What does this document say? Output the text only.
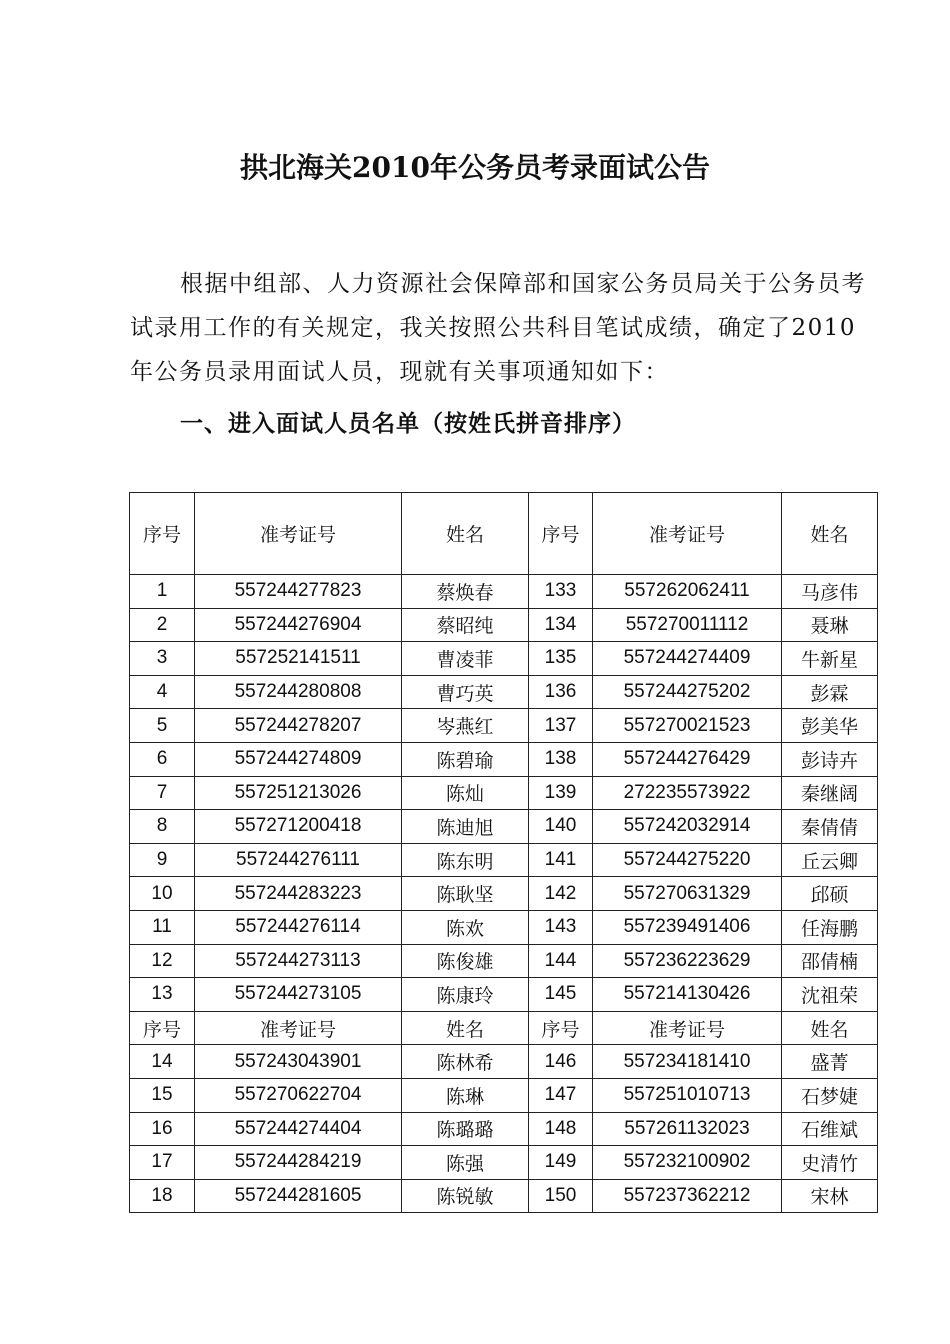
拱北海关2010年公务员考录面试公告
根据中组部、人力资源社会保障部和国家公务员局关于公务员考试录用工作的有关规定，我关按照公共科目笔试成绩，确定了2010年公务员录用面试人员，现就有关事项通知如下：
一、进入面试人员名单（按姓氏拼音排序）
序号	准考证号	姓名	序号	准考证号	姓名
1	557244277823	蔡焕春	133	557262062411	马彦伟
2	557244276904	蔡昭纯	134	557270011112	聂琳
3	557252141511	曹凌菲	135	557244274409	牛新星
4	557244280808	曹巧英	136	557244275202	彭霖
5	557244278207	岑燕红	137	557270021523	彭美华
6	557244274809	陈碧瑜	138	557244276429	彭诗卉
7	557251213026	陈灿	139	272235573922	秦继阔
8	557271200418	陈迪旭	140	557242032914	秦倩倩
9	557244276111	陈东明	141	557244275220	丘云卿
10	557244283223	陈耿坚	142	557270631329	邱硕
11	557244276114	陈欢	143	557239491406	任海鹏
12	557244273113	陈俊雄	144	557236223629	邵倩楠
13	557244273105	陈康玲	145	557214130426	沈祖荣
序号	准考证号	姓名	序号	准考证号	姓名
14	557243043901	陈林希	146	557234181410	盛菁
15	557270622704	陈琳	147	557251010713	石梦婕
16	557244274404	陈璐璐	148	557261132023	石维斌
17	557244284219	陈强	149	557232100902	史清竹
18	557244281605	陈锐敏	150	557237362212	宋林
